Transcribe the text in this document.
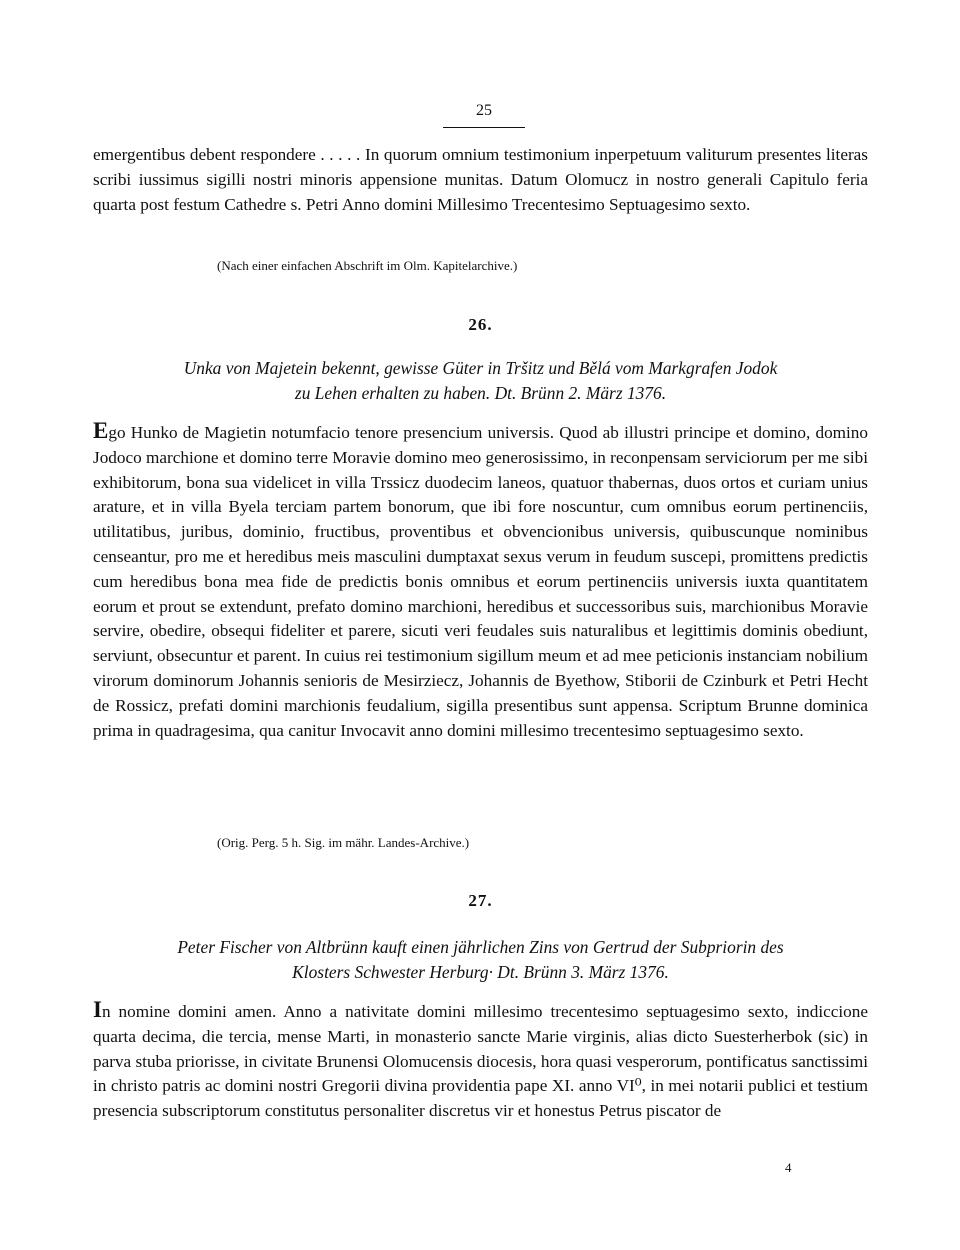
25

emergentibus debent respondere . . . . . In quorum omnium testimonium inperpetuum valiturum presentes literas scribi iussimus sigilli nostri minoris appensione munitas. Datum Olomucz in nostro generali Capitulo feria quarta post festum Cathedre s. Petri Anno domini Millesimo Trecentesimo Septuagesimo sexto.

(Nach einer einfachen Abschrift im Olm. Kapitelarchive.)
26.
Unka von Majetein bekennt, gewisse Güter in Tršitz und Bělá vom Markgrafen Jodok
zu Lehen erhalten zu haben. Dt. Brünn 2. März 1376.

Ego Hunko de Magietin notumfacio tenore presencium universis. Quod ab illustri principe et domino, domino Jodoco marchione et domino terre Moravie domino meo generosissimo, in reconpensam serviciorum per me sibi exhibitorum, bona sua videlicet in villa Trssicz duodecim laneos, quatuor thabernas, duos ortos et curiam unius arature, et in villa Byela terciam partem bonorum, que ibi fore noscuntur, cum omnibus eorum pertinenciis, utilitatibus, juribus, dominio, fructibus, proventibus et obvencionibus universis, quibuscunque nominibus censeantur, pro me et heredibus meis masculini dumptaxat sexus verum in feudum suscepi, promittens predictis cum heredibus bona mea fide de predictis bonis omnibus et eorum pertinenciis universis iuxta quantitatem eorum et prout se extendunt, prefato domino marchioni, heredibus et successoribus suis, marchionibus Moravie servire, obedire, obsequi fideliter et parere, sicuti veri feudales suis naturalibus et legittimis dominis obediunt, serviunt, obsecuntur et parent. In cuius rei testimonium sigillum meum et ad mee peticionis instanciam nobilium virorum dominorum Johannis senioris de Mesirziecz, Johannis de Byethow, Stiborii de Czinburk et Petri Hecht de Rossicz, prefati domini marchionis feudalium, sigilla presentibus sunt appensa. Scriptum Brunne dominica prima in quadragesima, qua canitur Invocavit anno domini millesimo trecentesimo septuagesimo sexto.

(Orig. Perg. 5 h. Sig. im mähr. Landes-Archive.)
27.
Peter Fischer von Altbrünn kauft einen jährlichen Zins von Gertrud der Subpriorin des
Klosters Schwester Herburg· Dt. Brünn 3. März 1376.

In nomine domini amen. Anno a nativitate domini millesimo trecentesimo septuagesimo sexto, indiccione quarta decima, die tercia, mense Marti, in monasterio sancte Marie virginis, alias dicto Suesterherbok (sic) in parva stuba priorisse, in civitate Brunensi Olomucensis diocesis, hora quasi vesperorum, pontificatus sanctissimi in christo patris ac domini nostri Gregorii divina providentia pape XI. anno VI⁰, in mei notarii publici et testium presencia subscriptorum constitutus personaliter discretus vir et honestus Petrus piscator de

4
